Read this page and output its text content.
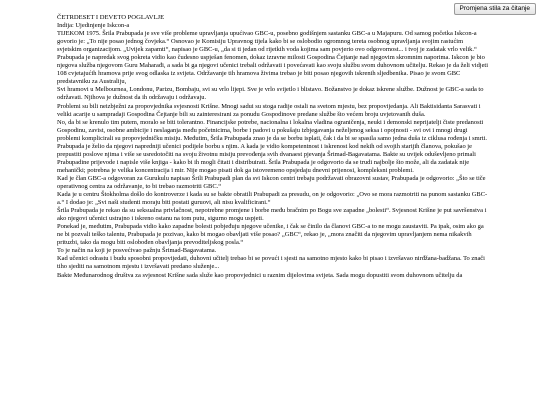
Promjena stila za čitanje
ČETRDESET I DEVETO POGLAVLJE

Indija: Ujedinjenje Iskcon-a

TIJEKOM 1975. Šrila Prabupada je sve više probleme upravljanja upućivao GBC-u, posebno godišnjem sastanku GBC-a u Majapuru. Od samog početka Iskcon-a govorio je: „To nije posao jednog čovjeka.“ Osnovao je Komisiju Upravnog tijela kako bi se oslobodio ogromnog tereta osobnog upravljanja svojim rastućim svjetskim organizacijom. „Uvijek zapamti“, napisao je GBC-u, „da si ti jedan od rijetkih voda kojima sam povjerio ovo odgovornost... i tvoj je zadatak vrlo velik.“

Prabupada je napredak svog pokreta vidio kao čudesno uspješan fenomen, dokaz izravne milosti Gospodina Čejtanje nad njegovim skromnim naporima. Iskcon je bio njegova služba njegovom Guru Maharađi, a sada bi ga njegovi učenici trebali održavati i povećavati kao svoju službu svom duhovnom učitelju. Rekao je da želi vidjeti 108 cvjetajućih hramova prije svog odlaska iz svijeta. Održavanje tih hramova živima trebao je biti posao njegovih iskrenih sljedbenika. Pisao je svom GBC predstavniku za Australiju,

Svi hramovi u Melbournea, Londonu, Parizu, Bombaju, svi su vrlo lijepi. Sve je vrlo svijetlo i blistavo. Božanstvo je dokaz iskrene službe. Dužnost je GBC-a sada to održavati. Njihova je dužnost da ih održavaju i održavaju.

Problemi su bili neizbježni za propovjednika svjesnosti Krišne. Mnogi sadui su stoga radije ostali na svetom mjestu, bez propovijedanja. Ali Baktisidanta Sarasvati i veliki acarije u sampradaji Gospodina Čejtanje bili su zainteresirani za ponudu Gospodinove predane službe što većem broju uvjetovanih duša.

No, da bi se krenulo tim putem, moralo se biti tolerantno. Financijske potrebe, nacionalna i lokalna vladina ograničenja, neuki i demonski neprijatelji čiste predanosti Gospodinu, zavist, osobne ambicije i neslaganja među početnicima, borbe i padovi u pokušaju izbjegavanja neželjenog seksa i opojnosti - svi ovi i mnogi drugi problemi komplicirali su propovjedničku misiju. Međutim, Šrila Prabupada znao je da se borbu isplati, čak i da bi se spasila samo jedna duša iz ciklusa rođenja i smrti.

Prabupada je želio da njegovi napredniji učenici podijele borbu s njim. A kada je vidio kompetentnost i iskrenost kod nekih od svojih starijih članova, pokušao je prepustiti poslove njima i više se usredotočiti na svoju životnu misiju prevođenja svih dvanaest pjevanja Šrimad-Bagavatama. Bakte su uvijek oduševljeno primali Prabupadine prijevode i napisle više knjiga - kako bi ih mogli čitati i distribuirati. Šrila Prabupada je odgovorio da se trudi najbolje što može, ali da zadatak nije mehanički; potrebna je velika koncentracija i mir. Nije mogao pisati dok ga istovremeno opsjedaju dnevni prijenosi, kompleksni problemi.

Kad je član GBC-a odgovoran za Gurukulu napisao Šrili Prabupadi plan da svi Iskcon centri trebaju podržavati obrazovni sustav, Prabupada je odgovorio: „Što se tiče operativnog centra za održavanje, to bi trebao razmotriti GBC.“

Kada je u centru Štokholma došlo do kontroverze i kada su se bakte obratili Prabupadi za presudu, on je odgovorio: „Ovo se mora razmotriti na punom sastanku GBC-a.“ I dodao je: „Svi naši studenti moraju biti postati guruovi, ali nisu kvalificirani.“

Šrila Prabupada je rekao da su seksualna privlačnost, nepotrebne promjene i borbe među bračnim po Bogu sve zapadne „bolesti“. Svjesnost Krišne je put savršenstva i ako njegovi učenici ustrajno i iskreno ostanu na tom putu, sigurno mogu uspjeti.

Ponekad je, međutim, Prabupada vidio kako zapadne bolesti pobjeđuju njegove učenike, i čak se činilo da članovi GBC-a to ne mogu zaustaviti. Pa ipak, osim ako ga ne bi pozvali teško talentu, Prabupada je pozivao, kako bi mogao obavljati više posao? „GBC“, rekao je, „mora značiti da njegovim upravljanjem nema nikakvih prituzbi, tako da mogu biti oslobođen obavljanja prevoditeljskog posla.“

To je način na koji je posvećivao pažnju Šrimad-Bagavatama.

Kad učenici odrastu i budu sposobni propovijedati, duhovni učitelj trebao bi se povući i sjesti na samotno mjesto kako bi pisao i izvršavao nirđžana-badžana. To znači tiho sjediti na samotnom mjestu i izvršavati predano služenje...

Bakte Međunarodnog društva za svjesnost Krišne sada služe kao propovjednici u raznim dijelovima svijeta. Sada mogu dopustiti svom duhovnom učitelju da
